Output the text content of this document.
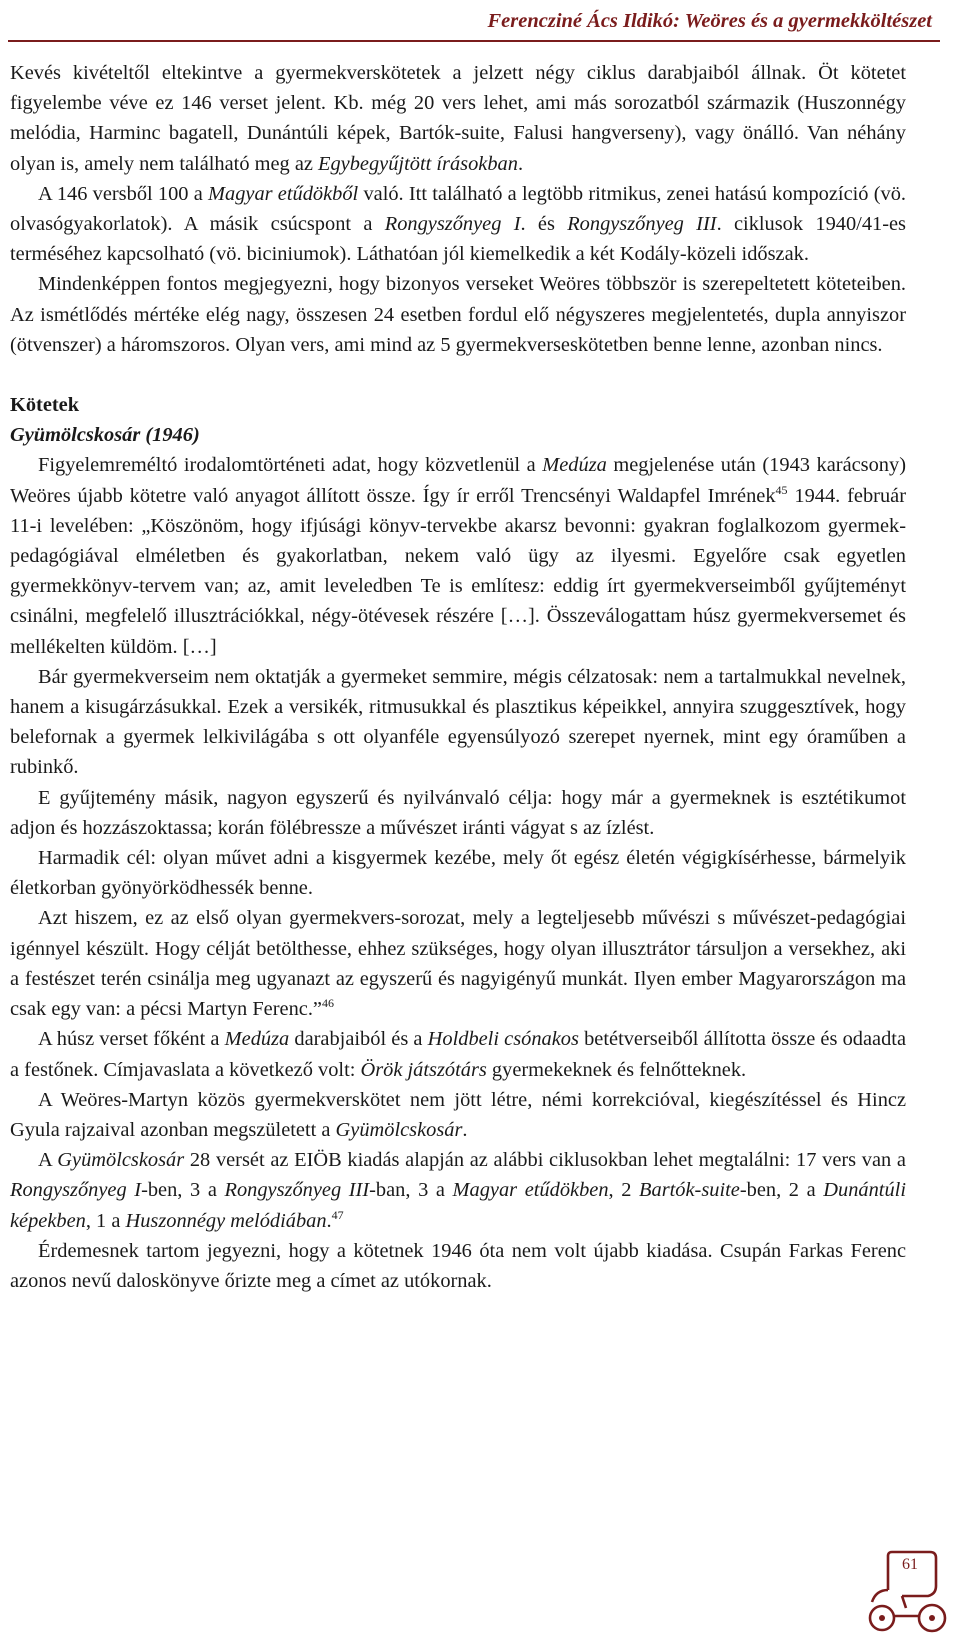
Ferencziné Ács Ildikó: Weöres és a gyermekköltészet

Kevés kivételtől eltekintve a gyermekverskötetek a jelzett négy ciklus darabjaiból állnak. Öt kötetet figyelembe véve ez 146 verset jelent. Kb. még 20 vers lehet, ami más sorozatból származik (Huszonnégy melódia, Harminc bagatell, Dunántúli képek, Bartók-suite, Falusi hangverseny), vagy önálló. Van néhány olyan is, amely nem található meg az Egybegyűjtött írásokban.

A 146 versből 100 a Magyar etűdökből való. Itt található a legtöbb ritmikus, zenei hatású kompozíció (vö. olvasógyakorlatok). A másik csúcspont a Rongyszőnyeg I. és Rongyszőnyeg III. ciklusok 1940/41-es terméséhez kapcsolható (vö. biciniumok). Láthatóan jól kiemelkedik a két Kodály-közeli időszak.

Mindenképpen fontos megjegyezni, hogy bizonyos verseket Weöres többször is szerepeltetett köteteiben. Az ismétlődés mértéke elég nagy, összesen 24 esetben fordul elő négyszeres megjelentetés, dupla annyiszor (ötvenszer) a háromszoros. Olyan vers, ami mind az 5 gyermekverseskötetben benne lenne, azonban nincs.

Kötetek
Gyümölcskosár (1946)

Figyelemreméltó irodalomtörténeti adat, hogy közvetlenül a Medúza megjelenése után (1943 karácsony) Weöres újabb kötetre való anyagot állított össze. Így ír erről Trencsényi Waldapfel Imrének$^{45}$ 1944. február 11-i levelében: „Köszönöm, hogy ifjúsági könyv-tervekbe akarsz bevonni: gyakran foglalkozom gyermek-pedagógiával elméletben és gyakorlatban, nekem való ügy az ilyesmi. Egyelőre csak egyetlen gyermekkönyv-tervem van; az, amit leveledben Te is említesz: eddig írt gyermekverseimből gyűjteményt csinálni, megfelelő illusztrációkkal, négy-ötévesek részére […]. Összeválogattam húsz gyermekversemet és mellékelten küldöm. […]

Bár gyermekverseim nem oktatják a gyermeket semmire, mégis célzatosak: nem a tartalmukkal nevelnek, hanem a kisugárzásukkal. Ezek a versikék, ritmusukkal és plasztikus képeikkel, annyira szuggesztívek, hogy belefornak a gyermek lelkivilágába s ott olyanféle egyensúlyozó szerepet nyernek, mint egy óraműben a rubinkő.

E gyűjtemény másik, nagyon egyszerű és nyilvánvaló célja: hogy már a gyermeknek is esztétikumot adjon és hozzászoktassa; korán fölébressze a művészet iránti vágyat s az ízlést.

Harmadik cél: olyan művet adni a kisgyermek kezébe, mely őt egész életén végigkísérhesse, bármelyik életkorban gyönyörködhessék benne.

Azt hiszem, ez az első olyan gyermekvers-sorozat, mely a legteljesebb művészi s művészet-pedagógiai igénnyel készült. Hogy célját betölthesse, ehhez szükséges, hogy olyan illusztrátor társuljon a versekhez, aki a festészet terén csinálja meg ugyanazt az egyszerű és nagyigényű munkát. Ilyen ember Magyarországon ma csak egy van: a pécsi Martyn Ferenc.”$^{46}$

A húsz verset főként a Medúza darabjaiból és a Holdbeli csónakos betétverseiből állította össze és odaadta a festőnek. Címjavaslata a következő volt: Örök játszótárs gyermekeknek és felnőtteknek.

A Weöres-Martyn közös gyermekverskötet nem jött létre, némi korrekcióval, kiegészítéssel és Hincz Gyula rajzaival azonban megszületett a Gyümölcskosár.

A Gyümölcskosár 28 versét az EIÖB kiadás alapján az alábbi ciklusokban lehet megtalálni: 17 vers van a Rongyszőnyeg I-ben, 3 a Rongyszőnyeg III-ban, 3 a Magyar etűdökben, 2 Bartók-suite-ben, 2 a Dunántúli képekben, 1 a Huszonnégy melódiában.$^{47}$

Érdemesnek tartom jegyezni, hogy a kötetnek 1946 óta nem volt újabb kiadása. Csupán Farkas Ferenc azonos nevű daloskönyve őrizte meg a címet az utókornak.

61
